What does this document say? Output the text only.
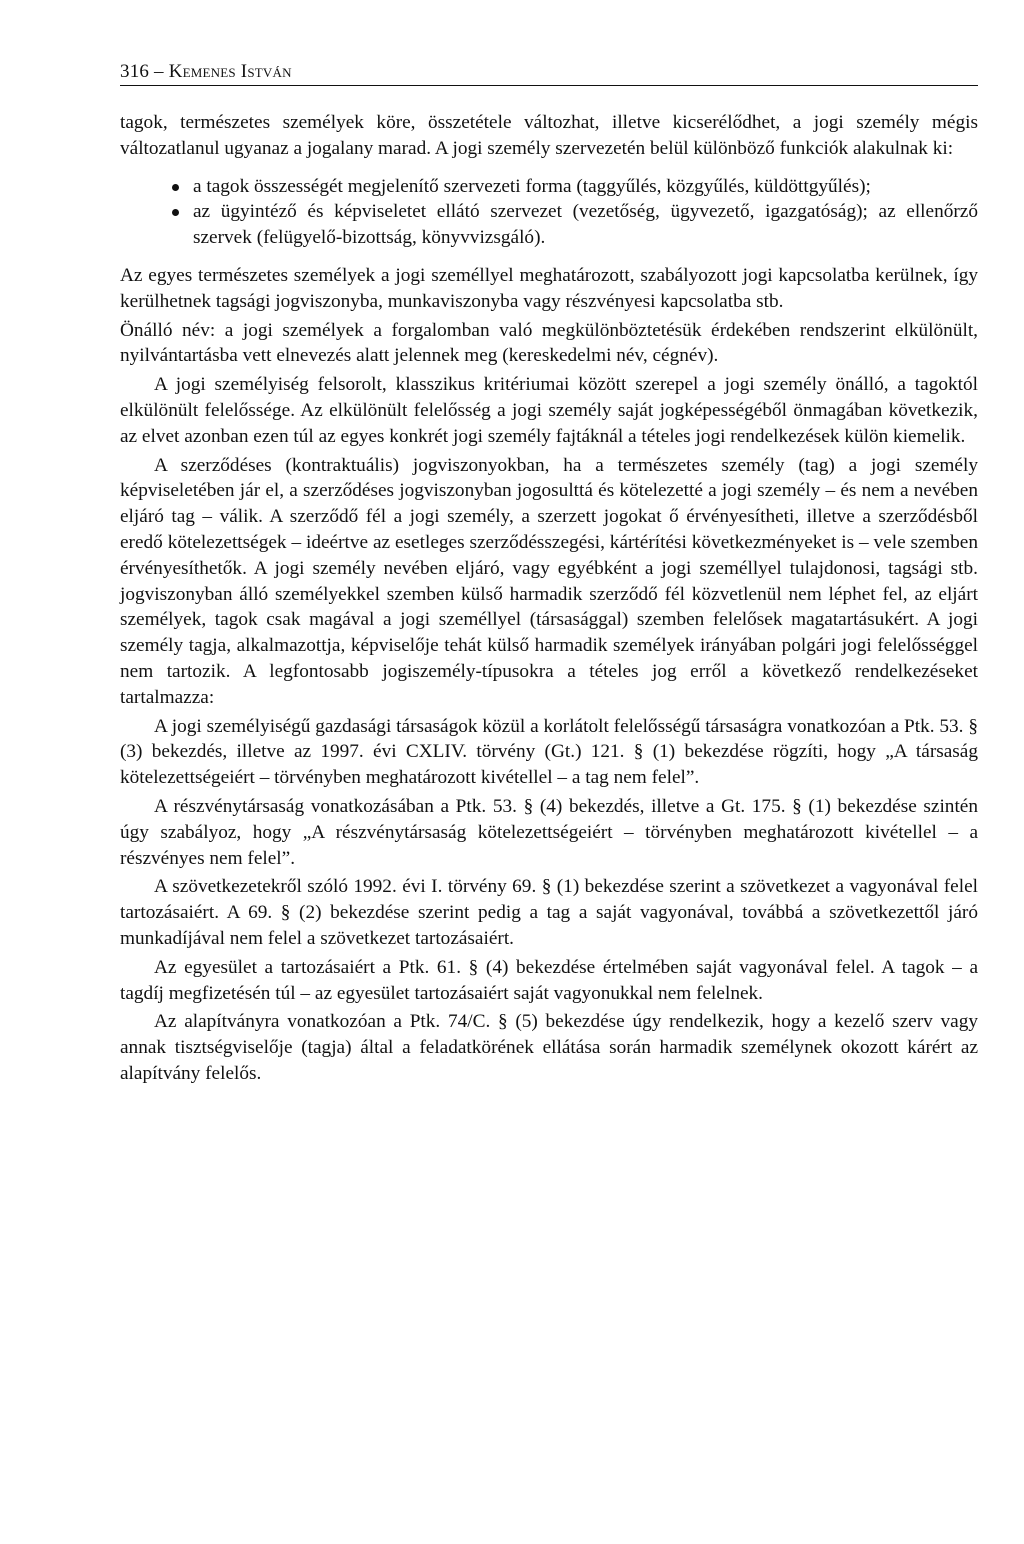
316 – Kemenes István

tagok, természetes személyek köre, összetétele változhat, illetve kicserélődhet, a jogi személy mégis változatlanul ugyanaz a jogalany marad. A jogi személy szervezetén belül különböző funkciók alakulnak ki:

a tagok összességét megjelenítő szervezeti forma (taggyűlés, közgyűlés, küldöttgyűlés);
az ügyintéző és képviseletet ellátó szervezet (vezetőség, ügyvezető, igazgatóság); az ellenőrző szervek (felügyelő-bizottság, könyvvizsgáló).

Az egyes természetes személyek a jogi személlyel meghatározott, szabályozott jogi kapcsolatba kerülnek, így kerülhetnek tagsági jogviszonyba, munkaviszonyba vagy részvényesi kapcsolatba stb.

Önálló név: a jogi személyek a forgalomban való megkülönböztetésük érdekében rendszerint elkülönült, nyilvántartásba vett elnevezés alatt jelennek meg (kereskedelmi név, cégnév).

A jogi személyiség felsorolt, klasszikus kritériumai között szerepel a jogi személy önálló, a tagoktól elkülönült felelőssége. Az elkülönült felelősség a jogi személy saját jogképességéből önmagában következik, az elvet azonban ezen túl az egyes konkrét jogi személy fajtáknál a tételes jogi rendelkezések külön kiemelik.

A szerződéses (kontraktuális) jogviszonyokban, ha a természetes személy (tag) a jogi személy képviseletében jár el, a szerződéses jogviszonyban jogosulttá és kötelezetté a jogi személy – és nem a nevében eljáró tag – válik. A szerződő fél a jogi személy, a szerzett jogokat ő érvényesítheti, illetve a szerződésből eredő kötelezettségek – ideértve az esetleges szerződésszegési, kártérítési következményeket is – vele szemben érvényesíthetők. A jogi személy nevében eljáró, vagy egyébként a jogi személlyel tulajdonosi, tagsági stb. jogviszonyban álló személyekkel szemben külső harmadik szerződő fél közvetlenül nem léphet fel, az eljárt személyek, tagok csak magával a jogi személlyel (társasággal) szemben felelősek magatartásukért. A jogi személy tagja, alkalmazottja, képviselője tehát külső harmadik személyek irányában polgári jogi felelősséggel nem tartozik. A legfontosabb jogiszemély-típusokra a tételes jog erről a következő rendelkezéseket tartalmazza:

A jogi személyiségű gazdasági társaságok közül a korlátolt felelősségű társaságra vonatkozóan a Ptk. 53. § (3) bekezdés, illetve az 1997. évi CXLIV. törvény (Gt.) 121. § (1) bekezdése rögzíti, hogy „A társaság kötelezettségeiért – törvényben meghatározott kivétellel – a tag nem felel”.

A részvénytársaság vonatkozásában a Ptk. 53. § (4) bekezdés, illetve a Gt. 175. § (1) bekezdése szintén úgy szabályoz, hogy „A részvénytársaság kötelezettségeiért – törvényben meghatározott kivétellel – a részvényes nem felel”.

A szövetkezetekről szóló 1992. évi I. törvény 69. § (1) bekezdése szerint a szövetkezet a vagyonával felel tartozásaiért. A 69. § (2) bekezdése szerint pedig a tag a saját vagyonával, továbbá a szövetkezettől járó munkadíjával nem felel a szövetkezet tartozásaiért.

Az egyesület a tartozásaiért a Ptk. 61. § (4) bekezdése értelmében saját vagyonával felel. A tagok – a tagdíj megfizetésén túl – az egyesület tartozásaiért saját vagyonukkal nem felelnek.

Az alapítványra vonatkozóan a Ptk. 74/C. § (5) bekezdése úgy rendelkezik, hogy a kezelő szerv vagy annak tisztségviselője (tagja) által a feladatkörének ellátása során harmadik személynek okozott kárért az alapítvány felelős.
